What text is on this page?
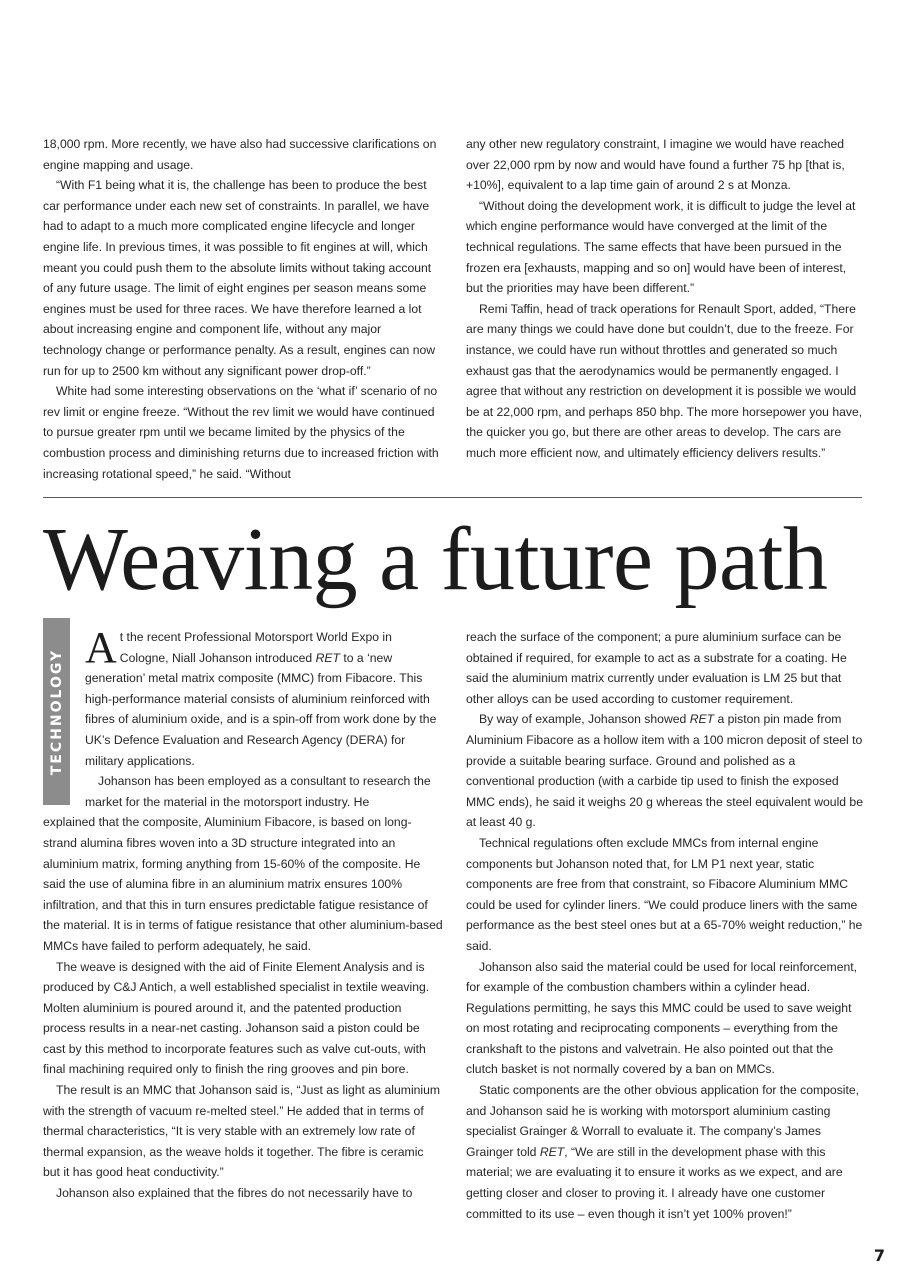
18,000 rpm. More recently, we have also had successive clarifications on engine mapping and usage.

“With F1 being what it is, the challenge has been to produce the best car performance under each new set of constraints. In parallel, we have had to adapt to a much more complicated engine lifecycle and longer engine life. In previous times, it was possible to fit engines at will, which meant you could push them to the absolute limits without taking account of any future usage. The limit of eight engines per season means some engines must be used for three races. We have therefore learned a lot about increasing engine and component life, without any major technology change or performance penalty. As a result, engines can now run for up to 2500 km without any significant power drop-off.”

White had some interesting observations on the ‘what if’ scenario of no rev limit or engine freeze. “Without the rev limit we would have continued to pursue greater rpm until we became limited by the physics of the combustion process and diminishing returns due to increased friction with increasing rotational speed,” he said. “Without

any other new regulatory constraint, I imagine we would have reached over 22,000 rpm by now and would have found a further 75 hp [that is, +10%], equivalent to a lap time gain of around 2 s at Monza.

“Without doing the development work, it is difficult to judge the level at which engine performance would have converged at the limit of the technical regulations. The same effects that have been pursued in the frozen era [exhausts, mapping and so on] would have been of interest, but the priorities may have been different.”

Remi Taffin, head of track operations for Renault Sport, added, “There are many things we could have done but couldn’t, due to the freeze. For instance, we could have run without throttles and generated so much exhaust gas that the aerodynamics would be permanently engaged. I agree that without any restriction on development it is possible we would be at 22,000 rpm, and perhaps 850 bhp. The more horsepower you have, the quicker you go, but there are other areas to develop. The cars are much more efficient now, and ultimately efficiency delivers results.”

Weaving a future path
TECHNOLOGY

At the recent Professional Motorsport World Expo in Cologne, Niall Johanson introduced RET to a ‘new generation’ metal matrix composite (MMC) from Fibacore. This high-performance material consists of aluminium reinforced with fibres of aluminium oxide, and is a spin-off from work done by the UK’s Defence Evaluation and Research Agency (DERA) for military applications.

Johanson has been employed as a consultant to research the market for the material in the motorsport industry. He

explained that the composite, Aluminium Fibacore, is based on long-strand alumina fibres woven into a 3D structure integrated into an aluminium matrix, forming anything from 15-60% of the composite. He said the use of alumina fibre in an aluminium matrix ensures 100% infiltration, and that this in turn ensures predictable fatigue resistance of the material. It is in terms of fatigue resistance that other aluminium-based MMCs have failed to perform adequately, he said.

The weave is designed with the aid of Finite Element Analysis and is produced by C&J Antich, a well established specialist in textile weaving. Molten aluminium is poured around it, and the patented production process results in a near-net casting. Johanson said a piston could be cast by this method to incorporate features such as valve cut-outs, with final machining required only to finish the ring grooves and pin bore.

The result is an MMC that Johanson said is, “Just as light as aluminium with the strength of vacuum re-melted steel.” He added that in terms of thermal characteristics, “It is very stable with an extremely low rate of thermal expansion, as the weave holds it together. The fibre is ceramic but it has good heat conductivity.”

Johanson also explained that the fibres do not necessarily have to

reach the surface of the component; a pure aluminium surface can be obtained if required, for example to act as a substrate for a coating. He said the aluminium matrix currently under evaluation is LM 25 but that other alloys can be used according to customer requirement.

By way of example, Johanson showed RET a piston pin made from Aluminium Fibacore as a hollow item with a 100 micron deposit of steel to provide a suitable bearing surface. Ground and polished as a conventional production (with a carbide tip used to finish the exposed MMC ends), he said it weighs 20 g whereas the steel equivalent would be at least 40 g.

Technical regulations often exclude MMCs from internal engine components but Johanson noted that, for LM P1 next year, static components are free from that constraint, so Fibacore Aluminium MMC could be used for cylinder liners. “We could produce liners with the same performance as the best steel ones but at a 65-70% weight reduction,” he said.

Johanson also said the material could be used for local reinforcement, for example of the combustion chambers within a cylinder head. Regulations permitting, he says this MMC could be used to save weight on most rotating and reciprocating components – everything from the crankshaft to the pistons and valvetrain. He also pointed out that the clutch basket is not normally covered by a ban on MMCs.

Static components are the other obvious application for the composite, and Johanson said he is working with motorsport aluminium casting specialist Grainger & Worrall to evaluate it. The company’s James Grainger told RET, “We are still in the development phase with this material; we are evaluating it to ensure it works as we expect, and are getting closer and closer to proving it. I already have one customer committed to its use – even though it isn’t yet 100% proven!”

7
